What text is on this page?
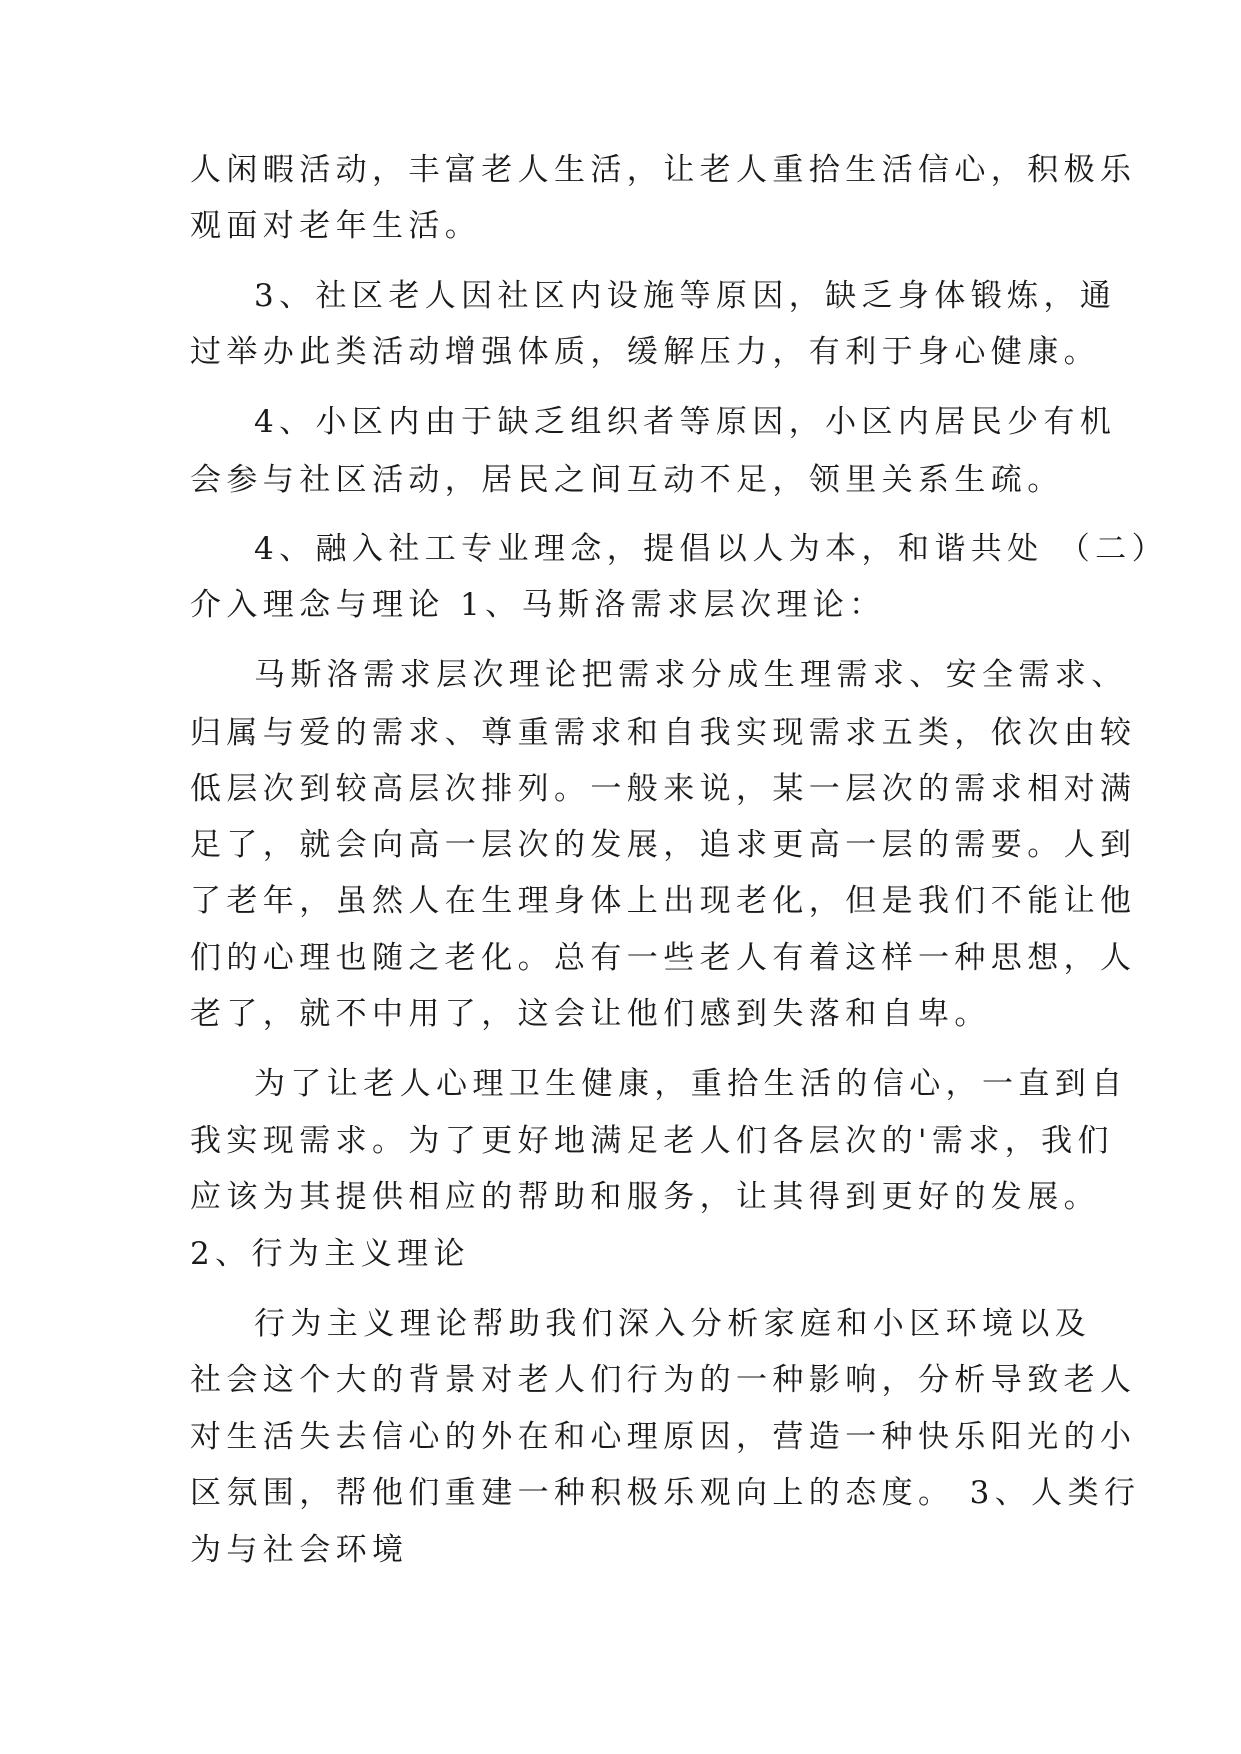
人闲暇活动，丰富老人生活，让老人重拾生活信心，积极乐
观面对老年生活。
3、社区老人因社区内设施等原因，缺乏身体锻炼，通
过举办此类活动增强体质，缓解压力，有利于身心健康。
4、小区内由于缺乏组织者等原因，小区内居民少有机
会参与社区活动，居民之间互动不足，领里关系生疏。
4、融入社工专业理念，提倡以人为本，和谐共处 （二）
介入理念与理论 1、马斯洛需求层次理论：
马斯洛需求层次理论把需求分成生理需求、安全需求、
归属与爱的需求、尊重需求和自我实现需求五类，依次由较
低层次到较高层次排列。一般来说，某一层次的需求相对满
足了，就会向高一层次的发展，追求更高一层的需要。人到
了老年，虽然人在生理身体上出现老化，但是我们不能让他
们的心理也随之老化。总有一些老人有着这样一种思想，人
老了，就不中用了，这会让他们感到失落和自卑。
为了让老人心理卫生健康，重拾生活的信心，一直到自
我实现需求。为了更好地满足老人们各层次的'需求，我们
应该为其提供相应的帮助和服务，让其得到更好的发展。
2、行为主义理论
行为主义理论帮助我们深入分析家庭和小区环境以及
社会这个大的背景对老人们行为的一种影响，分析导致老人
对生活失去信心的外在和心理原因，营造一种快乐阳光的小
区氛围，帮他们重建一种积极乐观向上的态度。 3、人类行
为与社会环境
